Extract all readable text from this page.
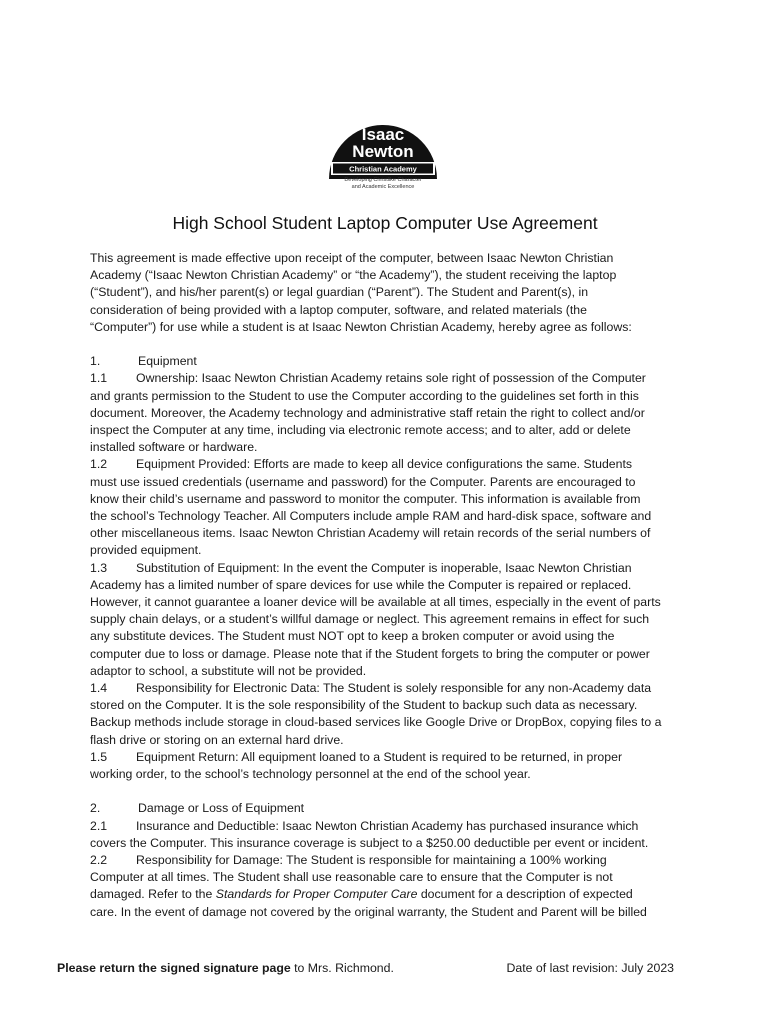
Isaac
Newton
Christian Academy
Developing Christlike Character
and Academic Excellence
High School Student Laptop Computer Use Agreement
This agreement is made effective upon receipt of the computer, between Isaac Newton Christian
Academy (“Isaac Newton Christian Academy” or “the Academy”), the student receiving the laptop
(“Student”), and his/her parent(s) or legal guardian (“Parent”). The Student and Parent(s), in
consideration of being provided with a laptop computer, software, and related materials (the
“Computer”) for use while a student is at Isaac Newton Christian Academy, hereby agree as follows:
1.	Equipment
1.1 Ownership: Isaac Newton Christian Academy retains sole right of possession of the Computer
and grants permission to the Student to use the Computer according to the guidelines set forth in this
document. Moreover, the Academy technology and administrative staff retain the right to collect and/or
inspect the Computer at any time, including via electronic remote access; and to alter, add or delete
installed software or hardware.
1.2 Equipment Provided: Efforts are made to keep all device configurations the same. Students
must use issued credentials (username and password) for the Computer. Parents are encouraged to
know their child’s username and password to monitor the computer. This information is available from
the school’s Technology Teacher. All Computers include ample RAM and hard-disk space, software and
other miscellaneous items. Isaac Newton Christian Academy will retain records of the serial numbers of
provided equipment.
1.3 Substitution of Equipment: In the event the Computer is inoperable, Isaac Newton Christian
Academy has a limited number of spare devices for use while the Computer is repaired or replaced.
However, it cannot guarantee a loaner device will be available at all times, especially in the event of parts
supply chain delays, or a student’s willful damage or neglect. This agreement remains in effect for such
any substitute devices. The Student must NOT opt to keep a broken computer or avoid using the
computer due to loss or damage. Please note that if the Student forgets to bring the computer or power
adaptor to school, a substitute will not be provided.
1.4 Responsibility for Electronic Data: The Student is solely responsible for any non-Academy data
stored on the Computer. It is the sole responsibility of the Student to backup such data as necessary.
Backup methods include storage in cloud-based services like Google Drive or DropBox, copying files to a
flash drive or storing on an external hard drive.
1.5 Equipment Return: All equipment loaned to a Student is required to be returned, in proper
working order, to the school’s technology personnel at the end of the school year.
2.	Damage or Loss of Equipment
2.1 Insurance and Deductible: Isaac Newton Christian Academy has purchased insurance which
covers the Computer. This insurance coverage is subject to a $250.00 deductible per event or incident.
2.2 Responsibility for Damage: The Student is responsible for maintaining a 100% working
Computer at all times. The Student shall use reasonable care to ensure that the Computer is not
damaged. Refer to the Standards for Proper Computer Care document for a description of expected
care. In the event of damage not covered by the original warranty, the Student and Parent will be billed
Please return the signed signature page to Mrs. Richmond.	Date of last revision: July 2023
